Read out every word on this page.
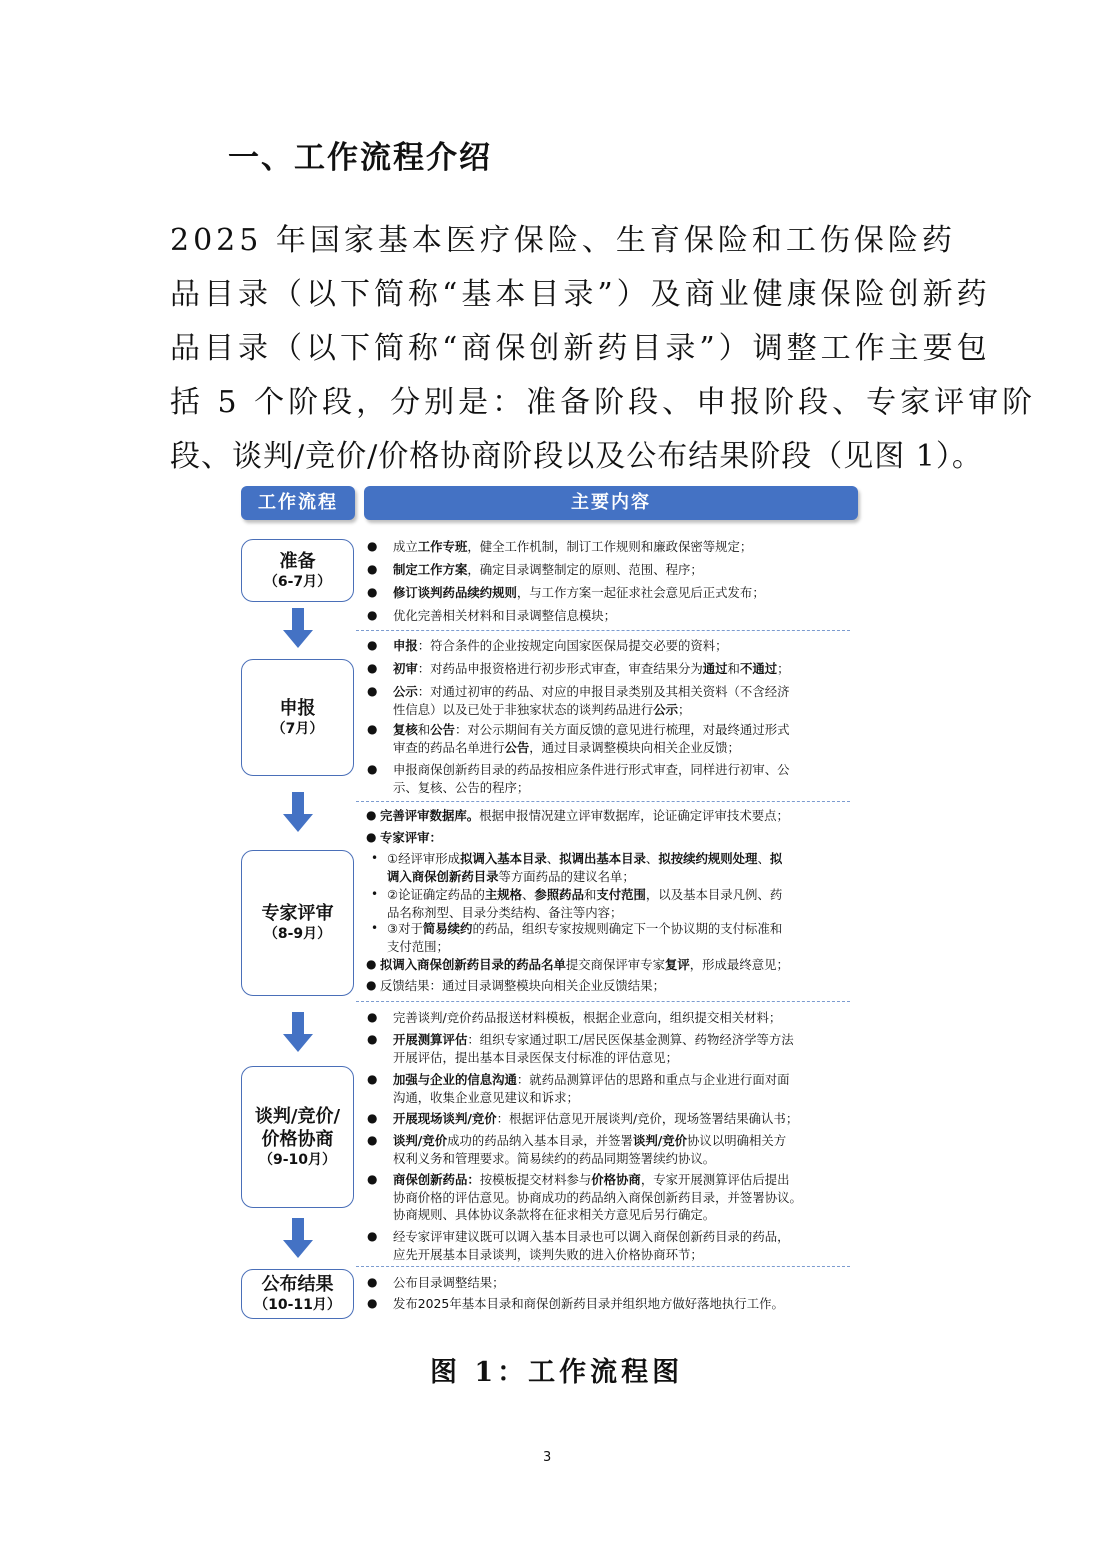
一、工作流程介绍
2025 年国家基本医疗保险、生育保险和工伤保险药
品目录（以下简称“基本目录”）及商业健康保险创新药
品目录（以下简称“商保创新药目录”）调整工作主要包
括 5 个阶段，分别是：准备阶段、申报阶段、专家评审阶
段、谈判/竞价/价格协商阶段以及公布结果阶段（见图 1）。
工作流程	主要内容
准备
（6-7月）
申报
（7月）
专家评审
（8-9月）
谈判/竞价/价格协商
（9-10月）
公布结果
（10-11月）
● 成立工作专班，健全工作机制，制订工作规则和廉政保密等规定；
● 制定工作方案，确定目录调整制定的原则、范围、程序；
● 修订谈判药品续约规则，与工作方案一起征求社会意见后正式发布；
● 优化完善相关材料和目录调整信息模块；
● 申报：符合条件的企业按规定向国家医保局提交必要的资料；
● 初审：对药品申报资格进行初步形式审查，审查结果分为通过和不通过；
● 公示：对通过初审的药品、对应的申报目录类别及其相关资料（不含经济
性信息）以及已处于非独家状态的谈判药品进行公示；
● 复核和公告：对公示期间有关方面反馈的意见进行梳理，对最终通过形式
审查的药品名单进行公告，通过目录调整模块向相关企业反馈；
● 申报商保创新药目录的药品按相应条件进行形式审查，同样进行初审、公
示、复核、公告的程序；
● 完善评审数据库。根据申报情况建立评审数据库，论证确定评审技术要点；
● 专家评审：
• ①经评审形成拟调入基本目录、拟调出基本目录、拟按续约规则处理、拟
调入商保创新药目录等方面药品的建议名单；
• ②论证确定药品的主规格、参照药品和支付范围，以及基本目录凡例、药
品名称剂型、目录分类结构、备注等内容；
• ③对于简易续约的药品，组织专家按规则确定下一个协议期的支付标准和
支付范围；
● 拟调入商保创新药目录的药品名单提交商保评审专家复评，形成最终意见；
● 反馈结果：通过目录调整模块向相关企业反馈结果；
● 完善谈判/竞价药品报送材料模板，根据企业意向，组织提交相关材料；
● 开展测算评估：组织专家通过职工/居民医保基金测算、药物经济学等方法
开展评估，提出基本目录医保支付标准的评估意见；
● 加强与企业的信息沟通：就药品测算评估的思路和重点与企业进行面对面
沟通，收集企业意见建议和诉求；
● 开展现场谈判/竞价：根据评估意见开展谈判/竞价，现场签署结果确认书；
● 谈判/竞价成功的药品纳入基本目录，并签署谈判/竞价协议以明确相关方
权利义务和管理要求。简易续约的药品同期签署续约协议。
● 商保创新药品：按模板提交材料参与价格协商，专家开展测算评估后提出
协商价格的评估意见。协商成功的药品纳入商保创新药目录，并签署协议。
协商规则、具体协议条款将在征求相关方意见后另行确定。
● 经专家评审建议既可以调入基本目录也可以调入商保创新药目录的药品，
应先开展基本目录谈判，谈判失败的进入价格协商环节；
● 公布目录调整结果；
● 发布2025年基本目录和商保创新药目录并组织地方做好落地执行工作。
图 1：工作流程图
3
